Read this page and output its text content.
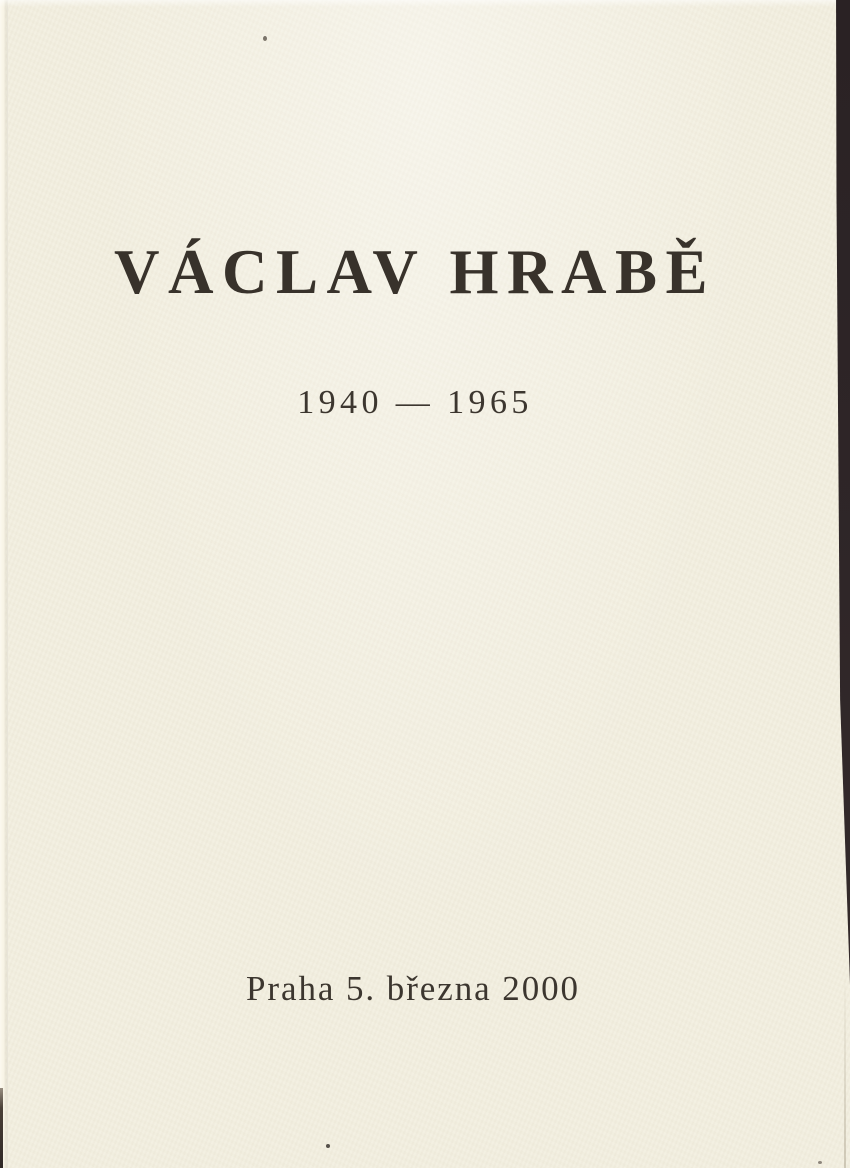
VÁCLAV HRABĚ
1940 — 1965
Praha 5. března 2000
